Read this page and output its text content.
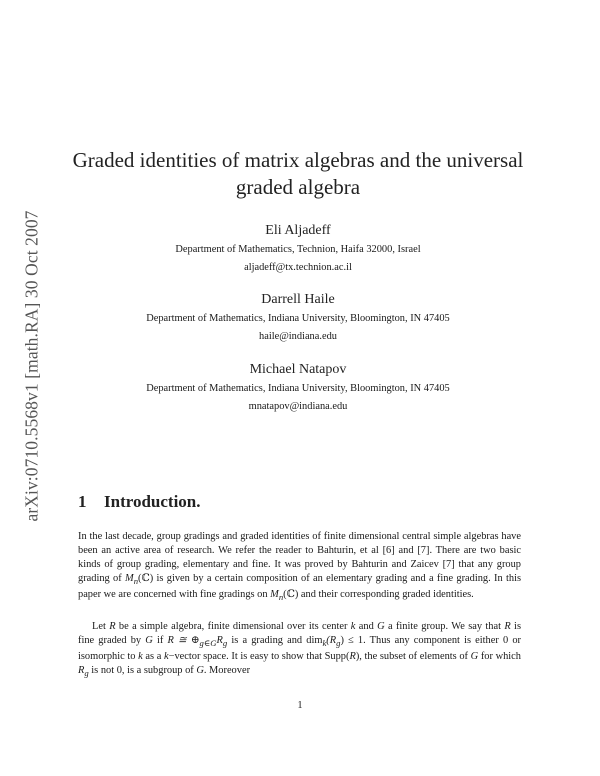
arXiv:0710.5568v1 [math.RA] 30 Oct 2007
Graded identities of matrix algebras and the universal graded algebra
Eli Aljadeff
Department of Mathematics, Technion, Haifa 32000, Israel
aljadeff@tx.technion.ac.il
Darrell Haile
Department of Mathematics, Indiana University, Bloomington, IN 47405
haile@indiana.edu
Michael Natapov
Department of Mathematics, Indiana University, Bloomington, IN 47405
mnatapov@indiana.edu
1 Introduction.

In the last decade, group gradings and graded identities of finite dimensional central simple algebras have been an active area of research. We refer the reader to Bahturin, et al [6] and [7]. There are two basic kinds of group grading, elementary and fine. It was proved by Bahturin and Zaicev [7] that any group grading of $M_n(ℂ)$ is given by a certain composition of an elementary grading and a fine grading. In this paper we are concerned with fine gradings on $M_n(ℂ)$ and their corresponding graded identities.

Let R be a simple algebra, finite dimensional over its center k and G a finite group. We say that R is fine graded by G if R ≅ $\oplus_{g\in G}R_g$ is a grading and $dim_k(R_g) \le 1$. Thus any component is either 0 or isomorphic to k as a k−vector space. It is easy to show that Supp(R), the subset of elements of G for which $R_g$ is not 0, is a subgroup of G. Moreover

1
